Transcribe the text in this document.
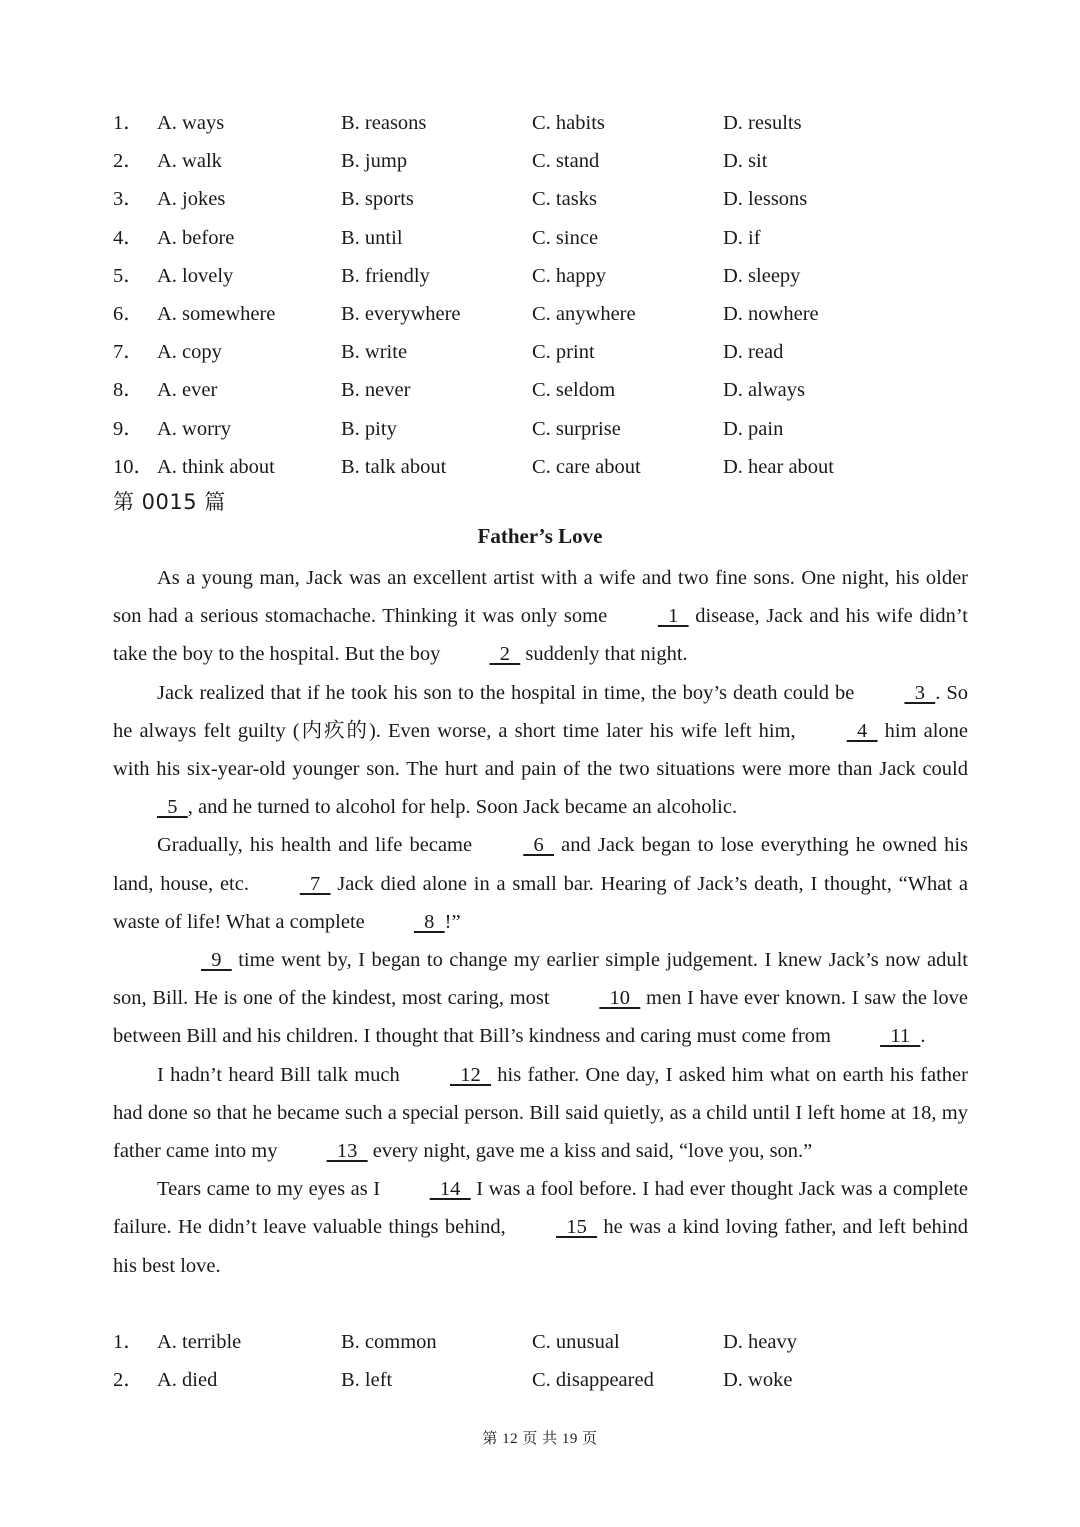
1． A. ways	B. reasons	C. habits	D. results
2． A. walk	B. jump	C. stand	D. sit
3． A. jokes	B. sports	C. tasks	D. lessons
4． A. before	B. until	C. since	D. if
5． A. lovely	B. friendly	C. happy	D. sleepy
6． A. somewhere	B. everywhere	C. anywhere	D. nowhere
7． A. copy	B. write	C. print	D. read
8． A. ever	B. never	C. seldom	D. always
9． A. worry	B. pity	C. surprise	D. pain
10． A. think about	B. talk about	C. care about	D. hear about
第 0015 篇
Father’s Love

As a young man, Jack was an excellent artist with a wife and two fine sons. One night, his older son had a serious stomachache. Thinking it was only some   1   disease, Jack and his wife didn’t take the boy to the hospital. But the boy   2   suddenly that night.

Jack realized that if he took his son to the hospital in time, the boy’s death could be   3  . So he always felt guilty (内疚的). Even worse, a short time later his wife left him,   4   him alone with his six-year-old younger son. The hurt and pain of the two situations were more than Jack could   5  , and he turned to alcohol for help. Soon Jack became an alcoholic.

Gradually, his health and life became   6   and Jack began to lose everything he owned his land, house, etc.   7   Jack died alone in a small bar. Hearing of Jack’s death, I thought, “What a waste of life! What a complete   8  !”

9   time went by, I began to change my earlier simple judgement. I knew Jack’s now adult son, Bill. He is one of the kindest, most caring, most   10   men I have ever known. I saw the love between Bill and his children. I thought that Bill’s kindness and caring must come from   11  .

I hadn’t heard Bill talk much   12   his father. One day, I asked him what on earth his father had done so that he became such a special person. Bill said quietly, as a child until I left home at 18, my father came into my   13   every night, gave me a kiss and said, “love you, son.”

Tears came to my eyes as I   14   I was a fool before. I had ever thought Jack was a complete failure. He didn’t leave valuable things behind,   15   he was a kind loving father, and left behind his best love.

1． A. terrible	B. common	C. unusual	D. heavy
2． A. died	B. left	C. disappeared	D. woke
第 12 页 共 19 页
